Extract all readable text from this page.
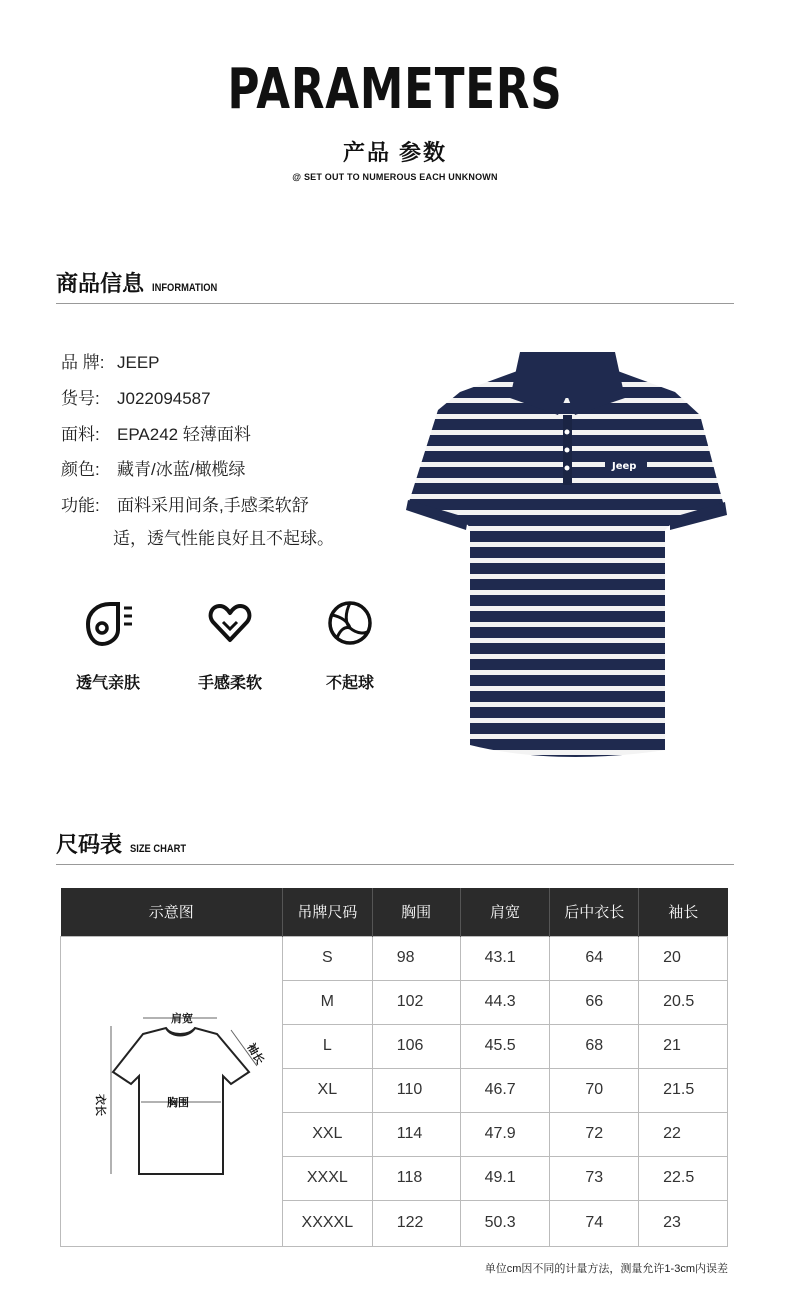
PARAMETERS
产品 参数
@ SET OUT TO NUMEROUS EACH UNKNOWN
商品信息 INFORMATION
品 牌: JEEP
货号: J022094587
面料: EPA242 轻薄面料
颜色: 藏青/冰蓝/橄榄绿
功能: 面料采用间条,手感柔软舒
适，透气性能良好且不起球。
透气亲肤	手感柔软	不起球
Jeep
尺码表 SIZE CHART
示意图	吊牌尺码	胸围	肩宽	后中衣长	袖长

肩宽
胸围
袖长
衣长	S	98	43.1	64	20
	M	102	44.3	66	20.5
	L	106	45.5	68	21
	XL	110	46.7	70	21.5
	XXL	114	47.9	72	22
	XXXL	118	49.1	73	22.5
	XXXXL	122	50.3	74	23
单位cm因不同的计量方法，测量允许1-3cm内误差
